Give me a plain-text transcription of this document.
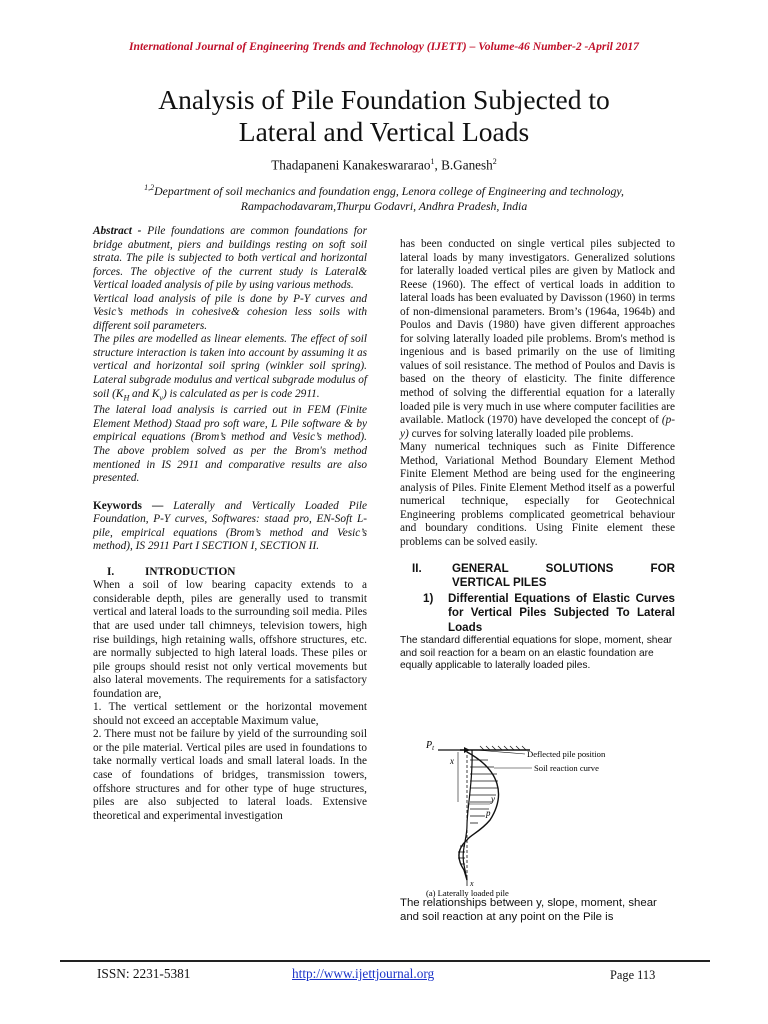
International Journal of Engineering Trends and Technology (IJETT) – Volume-46 Number-2 -April 2017
Analysis of Pile Foundation Subjected to
Lateral and Vertical Loads
Thadapaneni Kanakeswararao$^1$, B.Ganesh$^2$
$^{1,2}$Department of soil mechanics and foundation engg, Lenora college of Engineering and technology,
Rampachodavaram,Thurpu Godavri, Andhra Pradesh, India

Abstract - Pile foundations are common foundations for bridge abutment, piers and buildings resting on soft soil strata. The pile is subjected to both vertical and horizontal forces. The objective of the current study is Lateral& Vertical loaded analysis of pile by using various methods.

Vertical load analysis of pile is done by P-Y curves and Vesic’s methods in cohesive& cohesion less soils with different soil parameters.

The piles are modelled as linear elements. The effect of soil structure interaction is taken into account by assuming it as vertical and horizontal soil spring (winkler soil spring). Lateral subgrade modulus and vertical subgrade modulus of soil ($K_H$ and $K_v$) is calculated as per is code 2911.

The lateral load analysis is carried out in FEM (Finite Element Method) Staad pro soft ware, L Pile software & by empirical equations (Brom’s method and Vesic’s method). The above problem solved as per the Brom's method mentioned in IS 2911 and comparative results are also presented.

Keywords — Laterally and Vertically Loaded Pile Foundation, P-Y curves, Softwares: staad pro, EN-Soft L-pile, empirical equations (Brom’s method and Vesic’s method), IS 2911 Part I SECTION I, SECTION II.

I.	INTRODUCTION

When a soil of low bearing capacity extends to a considerable depth, piles are generally used to transmit vertical and lateral loads to the surrounding soil media. Piles that are used under tall chimneys, television towers, high rise buildings, high retaining walls, offshore structures, etc. are normally subjected to high lateral loads. These piles or pile groups should resist not only vertical movements but also lateral movements. The requirements for a satisfactory foundation are,

1. The vertical settlement or the horizontal movement should not exceed an acceptable Maximum value,

2. There must not be failure by yield of the surrounding soil or the pile material. Vertical piles are used in foundations to take normally vertical loads and small lateral loads. In the case of foundations of bridges, transmission towers, offshore structures and for other type of huge structures, piles are also subjected to lateral loads. Extensive theoretical and experimental investigation

has been conducted on single vertical piles subjected to lateral loads by many investigators. Generalized solutions for laterally loaded vertical piles are given by Matlock and Reese (1960). The effect of vertical loads in addition to lateral loads has been evaluated by Davisson (1960) in terms of non-dimensional parameters. Brom’s (1964a, 1964b) and Poulos and Davis (1980) have given different approaches for solving laterally loaded pile problems. Brom's method is ingenious and is based primarily on the use of limiting values of soil resistance. The method of Poulos and Davis is based on the theory of elasticity. The finite difference method of solving the differential equation for a laterally loaded pile is very much in use where computer facilities are available. Matlock (1970) have developed the concept of (p-y) curves for solving laterally loaded pile problems.

Many numerical techniques such as Finite Difference Method, Variational Method Boundary Element Method Finite Element Method are being used for the engineering analysis of Piles. Finite Element Method itself as a powerful numerical technique, especially for Geotechnical Engineering problems complicated geometrical behaviour and boundary conditions. Using Finite element these problems can be solved easily.

II.	GENERAL SOLUTIONS FOR
VERTICAL PILES
1)	Differential Equations of Elastic Curves for Vertical Piles Subjected To Lateral Loads

The standard differential equations for slope, moment, shear and soil reaction for a beam on an elastic foundation are equally applicable to laterally loaded piles.

$P_t$
x
y
p
Deflected pile position
Soil reaction curve
x
(a) Laterally loaded pile
The relationships between y, slope, moment, shear and soil reaction at any point on the Pile is
ISSN: 2231-5381	http://www.ijettjournal.org	Page 113
